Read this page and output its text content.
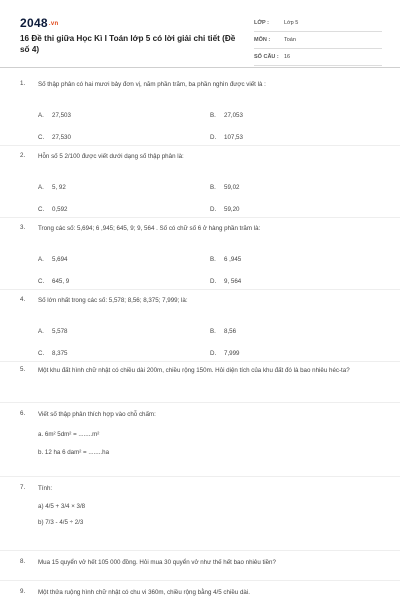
2048.vn
16 Đề thi giữa Học Kì I Toán lớp 5 có lời giải chi tiết (Đề số 4)
LỚP :	Lớp 5
MÔN :	Toán
SỐ CÂU : 16
1.	Số thập phân có hai mươi bảy đơn vị, năm phần trăm, ba phần nghìn được viết là :
A. 27,503	B. 27,053
C. 27,530	D. 107,53
2.	Hỗn số 5 2/100 được viết dưới dạng số thập phân là:
A. 5, 92	B. 59,02
C. 0,592	D. 59,20
3.	Trong các số: 5,694; 6 ,945; 645, 9; 9, 564 . Số có chữ số 6 ở hàng phần trăm là:
A. 5,694	B. 6 ,945
C. 645, 9	D. 9, 564
4.	Số lớn nhất trong các số: 5,578; 8,56; 8,375; 7,999; là:
A. 5,578	B. 8,56
C. 8,375	D. 7,999
5.	Một khu đất hình chữ nhật có chiều dài 200m, chiều rộng 150m. Hỏi diện tích của khu đất đó là bao nhiêu héc-ta?
6.	Viết số thập phân thích hợp vào chỗ chấm:
a. 6m² 5dm² = ........m²
b. 12 ha 6 dam² = ........ha
7.	Tính:
a) 4/5 + 3/4 × 3/8
b) 7/3 - 4/5 ÷ 2/3
8.	Mua 15 quyển vở hết 105 000 đồng. Hỏi mua 30 quyển vở như thế hết bao nhiêu tiền?
9.	Một thửa ruộng hình chữ nhật có chu vi 360m, chiều rộng bằng 4/5 chiều dài.
